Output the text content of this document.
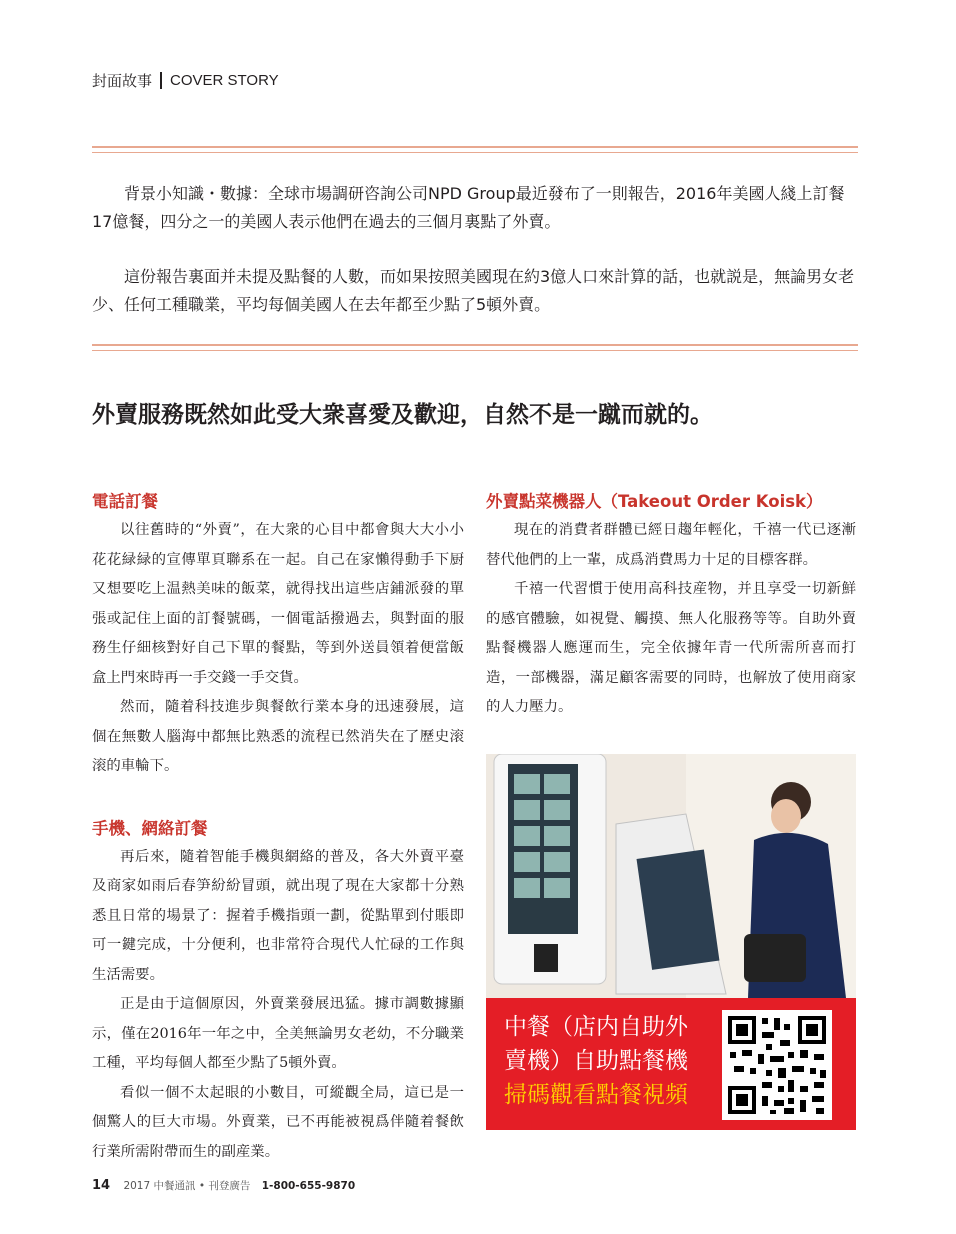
封面故事 COVER STORY
背景小知識・數據：全球市場調研咨詢公司NPD Group最近發布了一則報告，2016年美國人綫上訂餐17億餐，四分之一的美國人表示他們在過去的三個月裏點了外賣。
這份報告裏面并未提及點餐的人數，而如果按照美國現在約3億人口來計算的話，也就説是，無論男女老少、任何工種職業，平均每個美國人在去年都至少點了5頓外賣。
外賣服務既然如此受大衆喜愛及歡迎，自然不是一蹴而就的。
電話訂餐

以往舊時的“外賣”，在大衆的心目中都會與大大小小花花緑緑的宣傳單頁聯系在一起。自己在家懶得動手下厨又想要吃上温熱美味的飯菜，就得找出這些店鋪派發的單張或記住上面的訂餐號碼，一個電話撥過去，與對面的服務生仔細核對好自己下單的餐點，等到外送員領着便當飯盒上門來時再一手交錢一手交貨。

然而，隨着科技進步與餐飲行業本身的迅速發展，這個在無數人腦海中都無比熟悉的流程已然消失在了歷史滚滚的車輪下。

手機、網絡訂餐

再后來，隨着智能手機與網絡的普及，各大外賣平臺及商家如雨后春笋紛紛冒頭，就出現了現在大家都十分熟悉且日常的場景了：握着手機指頭一劃，從點單到付賬即可一鍵完成，十分便利，也非常符合現代人忙碌的工作與生活需要。

正是由于這個原因，外賣業發展迅猛。據市調數據顯示，僅在2016年一年之中，全美無論男女老幼，不分職業工種，平均每個人都至少點了5頓外賣。

看似一個不太起眼的小數目，可縱觀全局，這已是一個驚人的巨大市場。外賣業，已不再能被視爲伴隨着餐飲行業所需附帶而生的副産業。

外賣點菜機器人（Takeout Order Koisk）

現在的消費者群體已經日趨年輕化，千禧一代已逐漸替代他們的上一輩，成爲消費馬力十足的目標客群。

千禧一代習慣于使用高科技産物，并且享受一切新鮮的感官體驗，如視覺、觸摸、無人化服務等等。自助外賣點餐機器人應運而生，完全依據年青一代所需所喜而打造，一部機器，滿足顧客需要的同時，也解放了使用商家的人力壓力。

中餐（店内自助外
賣機）自助點餐機
掃碼觀看點餐視頻
14 2017 中餐通訊 • 刊登廣告 1-800-655-9870
